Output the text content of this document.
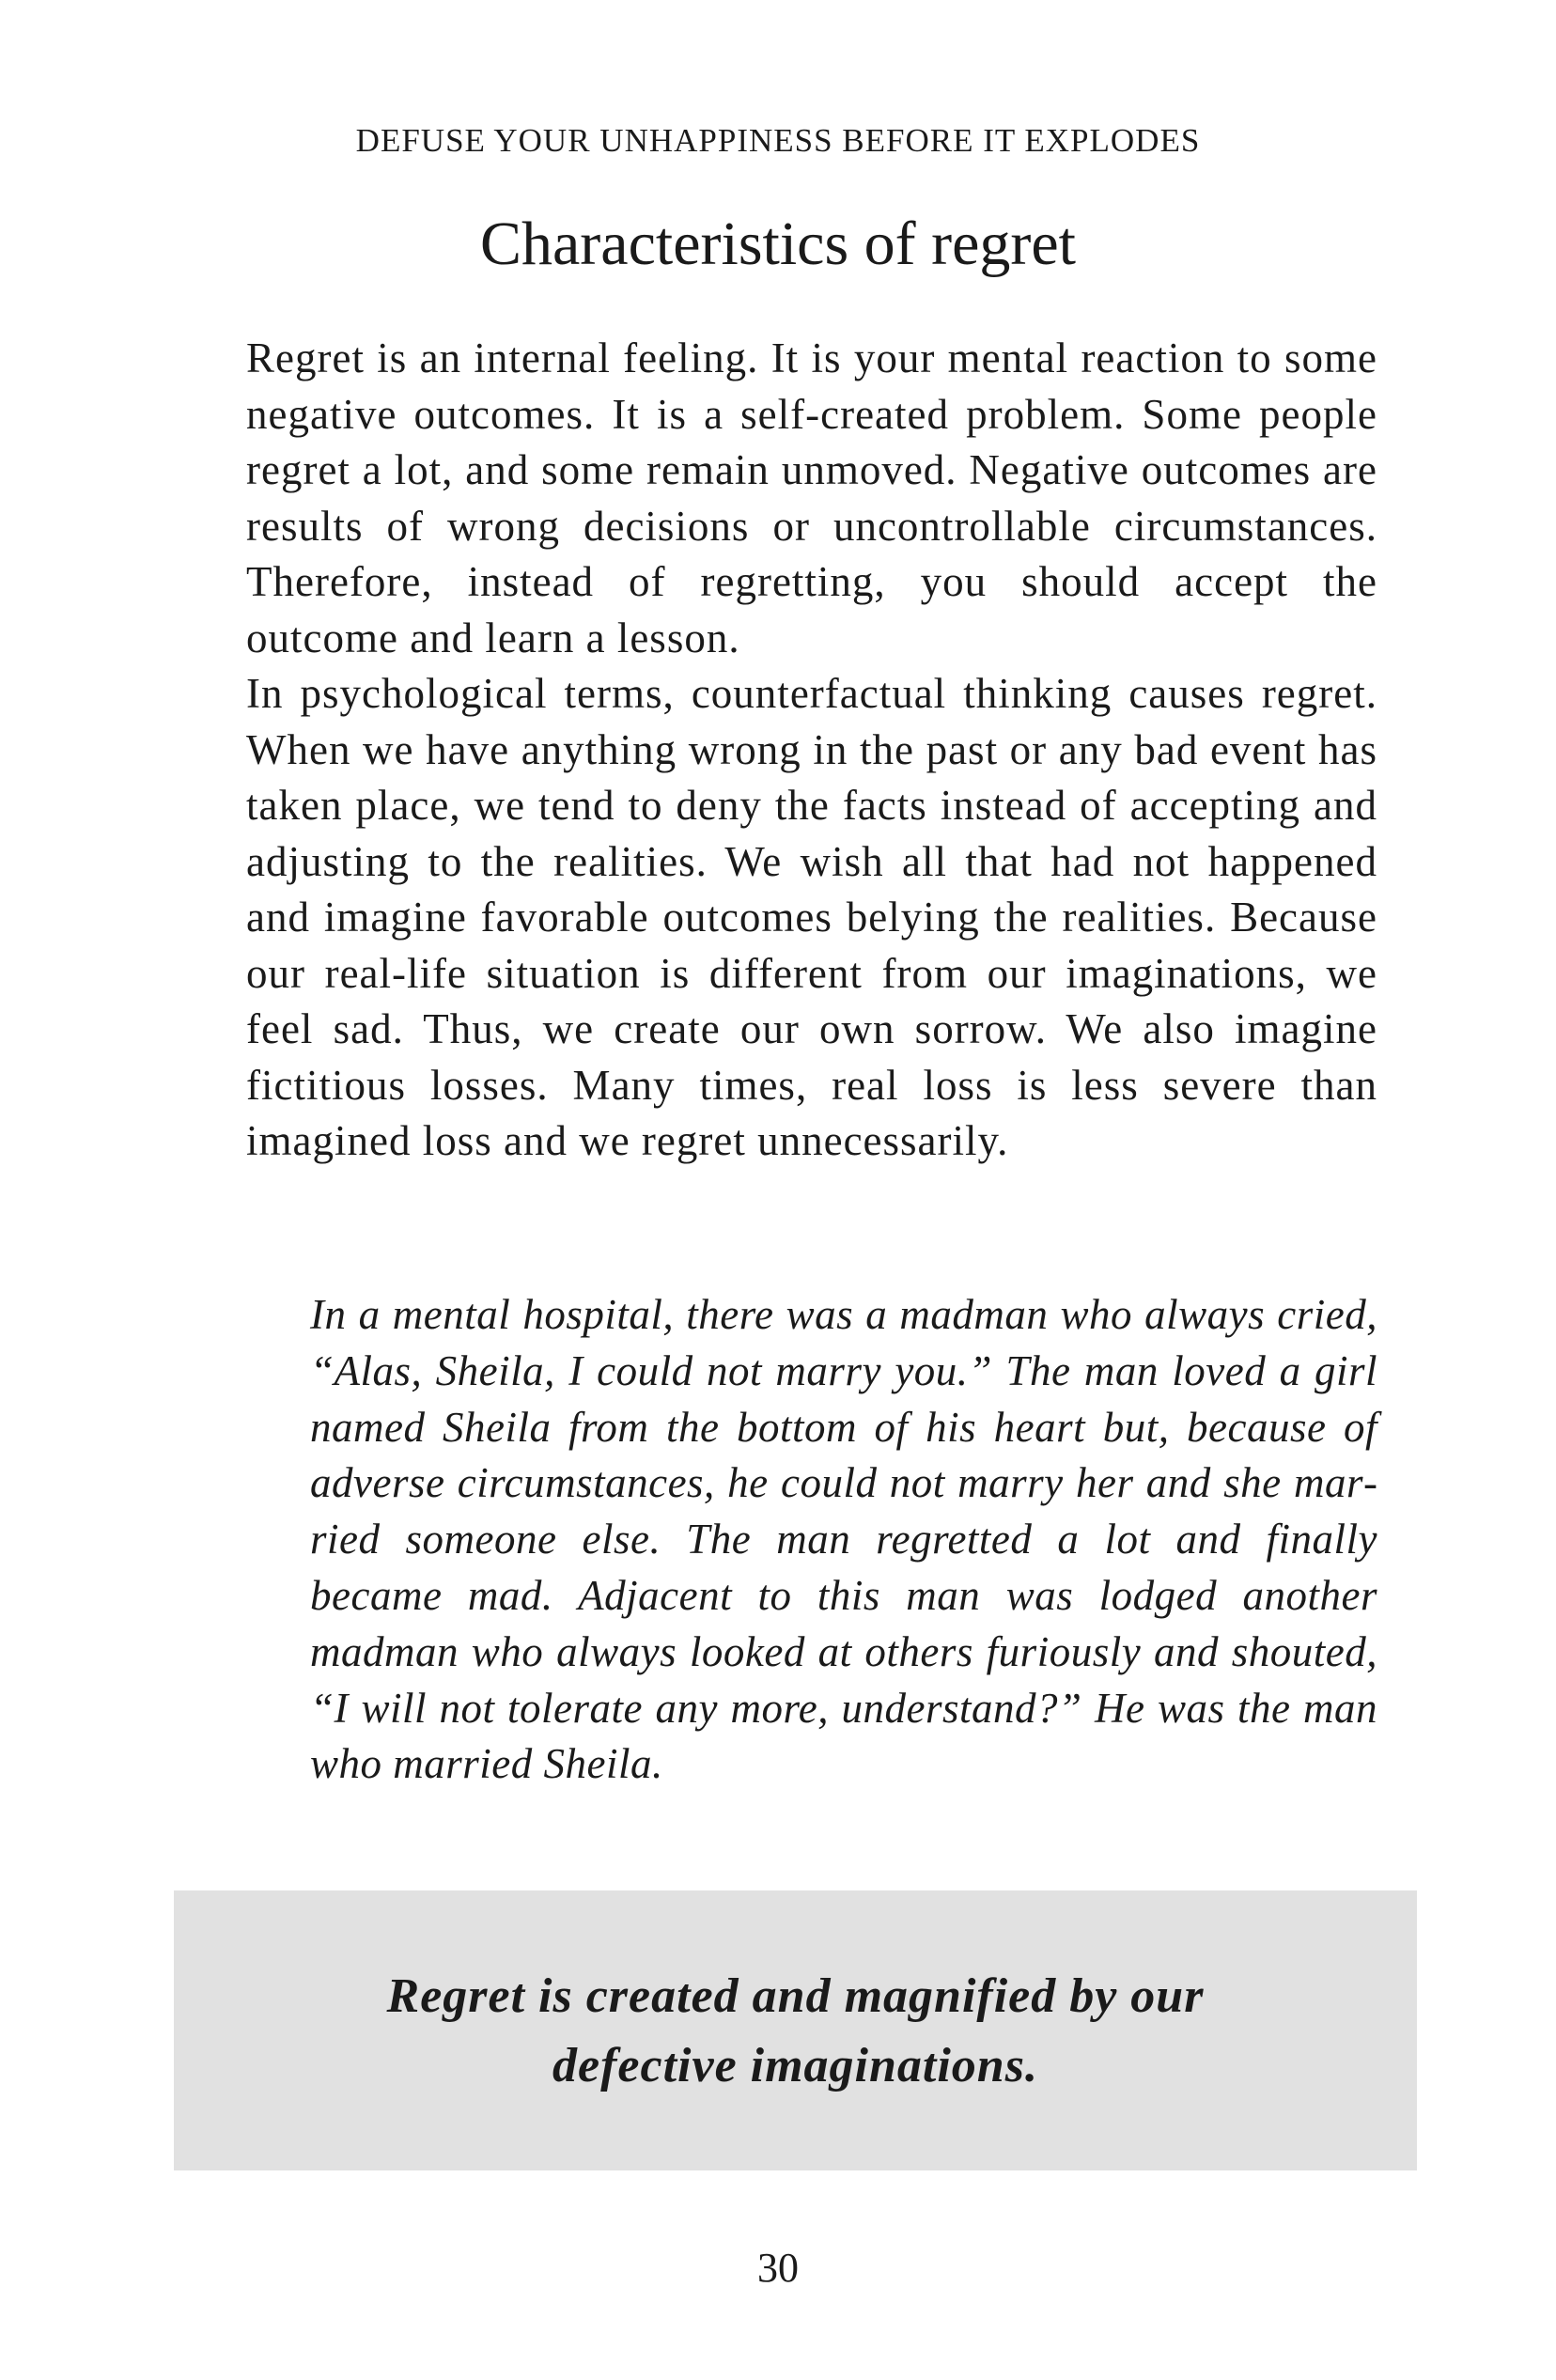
DEFUSE YOUR UNHAPPINESS BEFORE IT EXPLODES
Characteristics of regret

Regret is an internal feeling. It is your mental reaction to some negative outcomes. It is a self-created problem. Some people regret a lot, and some remain unmoved. Negative outcomes are results of wrong decisions or uncontrollable circumstances. Therefore, instead of regretting, you should accept the outcome and learn a lesson.

In psychological terms, counterfactual thinking causes regret. When we have anything wrong in the past or any bad event has taken place, we tend to deny the facts instead of accepting and adjusting to the realities. We wish all that had not happened and imagine favorable outcomes belying the realities. Because our real-life situation is different from our imaginations, we feel sad. Thus, we create our own sorrow. We also imagine fictitious losses. Many times, real loss is less severe than imagined loss and we regret unnecessarily.

In a mental hospital, there was a madman who always cried, “Alas, Sheila, I could not marry you.” The man loved a girl named Sheila from the bottom of his heart but, because of adverse circumstances, he could not marry her and she married someone else. The man regretted a lot and finally became mad. Adjacent to this man was lodged another madman who always looked at others furiously and shouted, “I will not tolerate any more, understand?” He was the man who married Sheila.

Regret is created and magnified by our
defective imaginations.
30
